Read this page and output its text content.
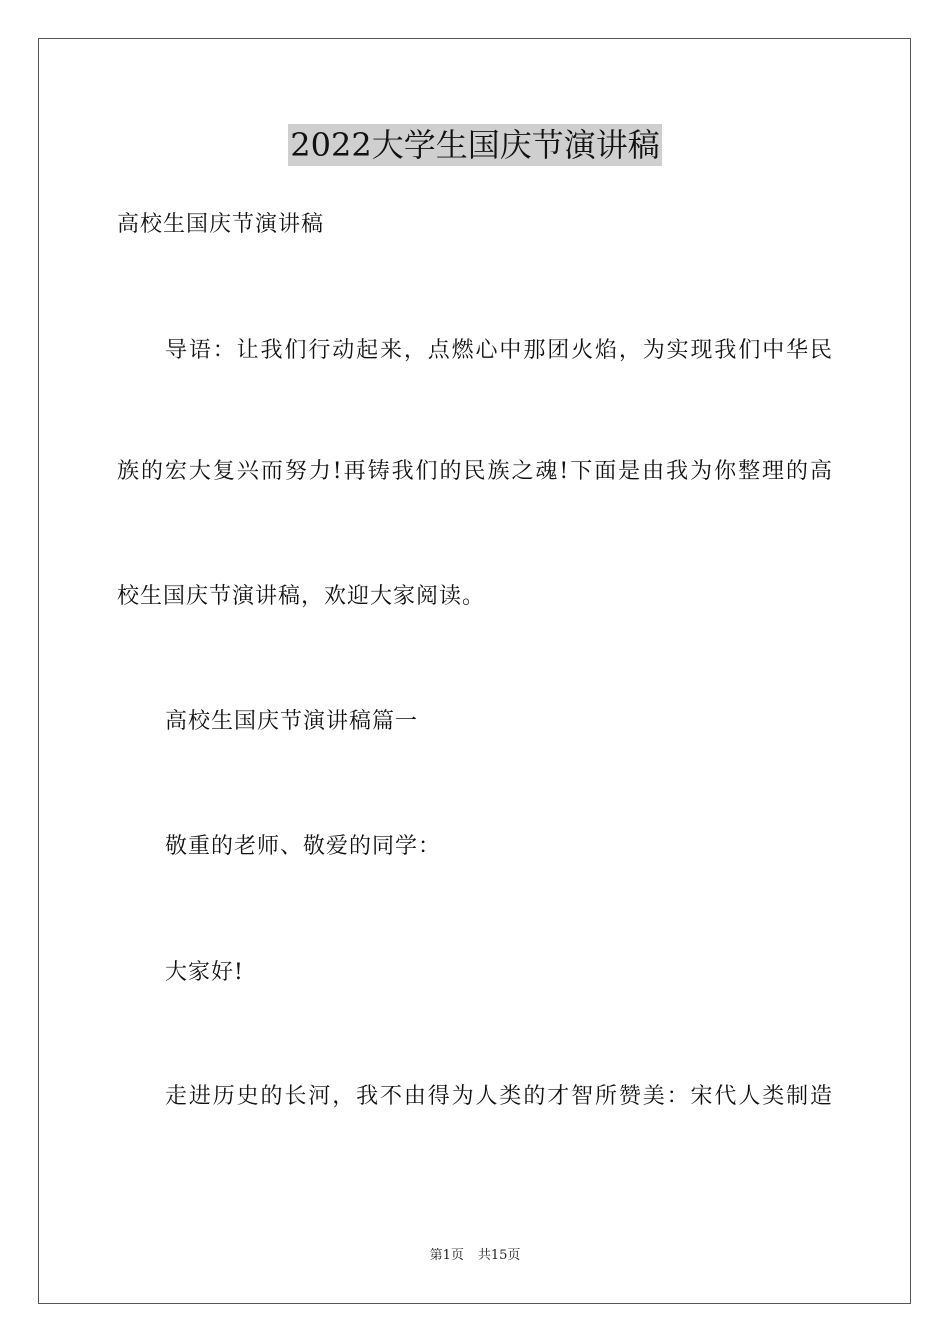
2022大学生国庆节演讲稿
高校生国庆节演讲稿
导语：让我们行动起来，点燃心中那团火焰，为实现我们中华民
族的宏大复兴而努力!再铸我们的民族之魂!下面是由我为你整理的高
校生国庆节演讲稿，欢迎大家阅读。
高校生国庆节演讲稿篇一
敬重的老师、敬爱的同学：
大家好!
走进历史的长河，我不由得为人类的才智所赞美：宋代人类制造
第1页 共15页
